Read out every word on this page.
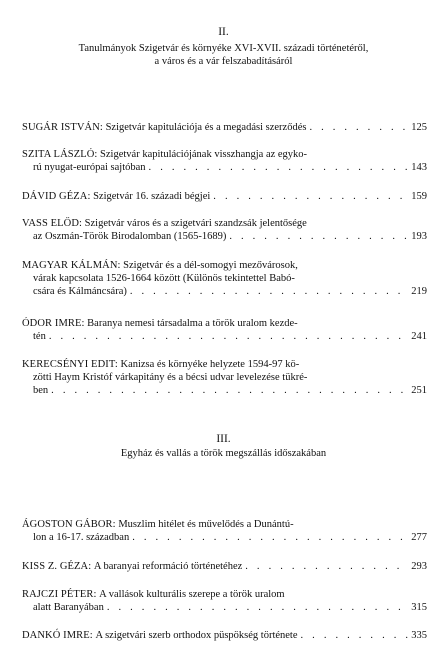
II.
Tanulmányok Szigetvár és környéke XVI-XVII. századi történetéről,
a város és a vár felszabadításáról
SUGÁR ISTVÁN:
Szigetvár kapitulációja és a megadási szerződés . . .	125
SZITA LÁSZLÓ: Szigetvár kapitulációjának visszhangja az egyko-
rú nyugat-európai sajtóban . . .	143
DÁVID GÉZA:
Szigetvár 16. századi bégjei . . .	159
VASS ELŐD: Szigetvár város és a szigetvári szandzsák jelentősége
az Oszmán-Török Birodalomban (1565-1689) . . .	193
MAGYAR KÁLMÁN: Szigetvár és a dél-somogyi mezővárosok,
várak kapcsolata 1526-1664 között (Különös tekintettel Babó-
csára és Kálmáncsára) . . .	219
ÓDOR IMRE: Baranya nemesi társadalma a török uralom kezde-
tén . . .	241
KERECSÉNYI EDIT: Kanizsa és környéke helyzete 1594-97 kö-
zötti Haym Kristóf várkapitány és a bécsi udvar levelezése tükré-
ben . . .	251
III.
Egyház és vallás a török megszállás időszakában
ÁGOSTON GÁBOR: Muszlim hitélet és művelődés a Dunántú-
lon a 16-17. században . . .	277
KISS Z. GÉZA:
A baranyai reformáció történetéhez . . .	293
RAJCZI PÉTER: A vallások kulturális szerepe a török uralom
alatt Baranyában . . .	315
DANKÓ IMRE:
A szigetvári szerb orthodox püspökség története . . .	335
